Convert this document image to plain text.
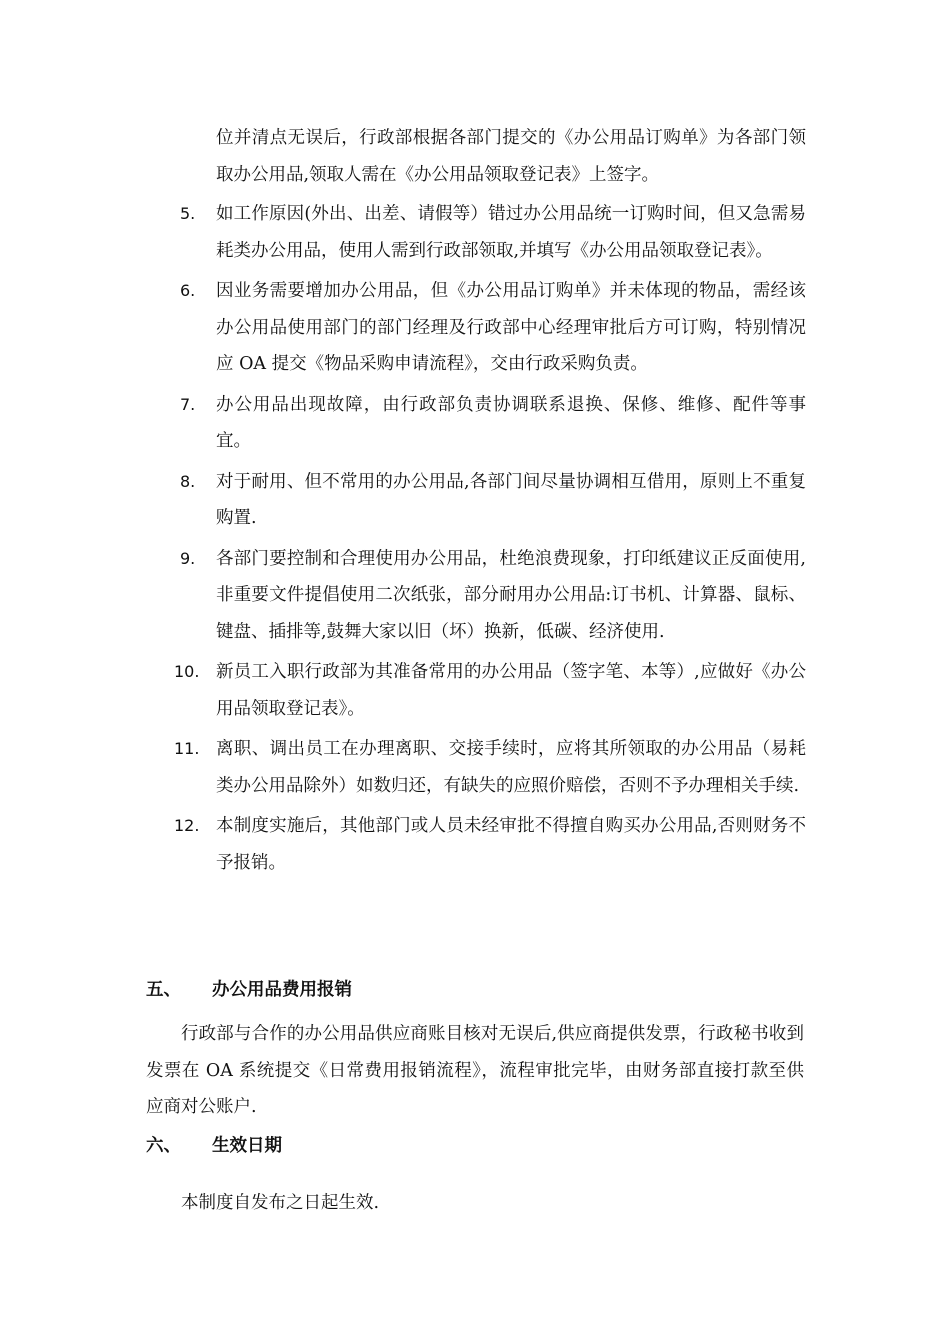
位并清点无误后，行政部根据各部门提交的《办公用品订购单》为各部门领取办公用品,领取人需在《办公用品领取登记表》上签字。
5. 如工作原因(外出、出差、请假等）错过办公用品统一订购时间，但又急需易耗类办公用品，使用人需到行政部领取,并填写《办公用品领取登记表》。
6. 因业务需要增加办公用品，但《办公用品订购单》并未体现的物品，需经该办公用品使用部门的部门经理及行政部中心经理审批后方可订购，特别情况应 OA 提交《物品采购申请流程》，交由行政采购负责。
7. 办公用品出现故障，由行政部负责协调联系退换、保修、维修、配件等事宜。
8. 对于耐用、但不常用的办公用品,各部门间尽量协调相互借用，原则上不重复购置.
9. 各部门要控制和合理使用办公用品，杜绝浪费现象，打印纸建议正反面使用,非重要文件提倡使用二次纸张，部分耐用办公用品:订书机、计算器、鼠标、键盘、插排等,鼓舞大家以旧（坏）换新，低碳、经济使用.
10. 新员工入职行政部为其准备常用的办公用品（签字笔、本等）,应做好《办公用品领取登记表》。
11. 离职、调出员工在办理离职、交接手续时，应将其所领取的办公用品（易耗类办公用品除外）如数归还，有缺失的应照价赔偿，否则不予办理相关手续.
12. 本制度实施后，其他部门或人员未经审批不得擅自购买办公用品,否则财务不予报销。
五、 办公用品费用报销
行政部与合作的办公用品供应商账目核对无误后,供应商提供发票，行政秘书收到发票在 OA 系统提交《日常费用报销流程》，流程审批完毕，由财务部直接打款至供应商对公账户.
六、 生效日期
本制度自发布之日起生效.
